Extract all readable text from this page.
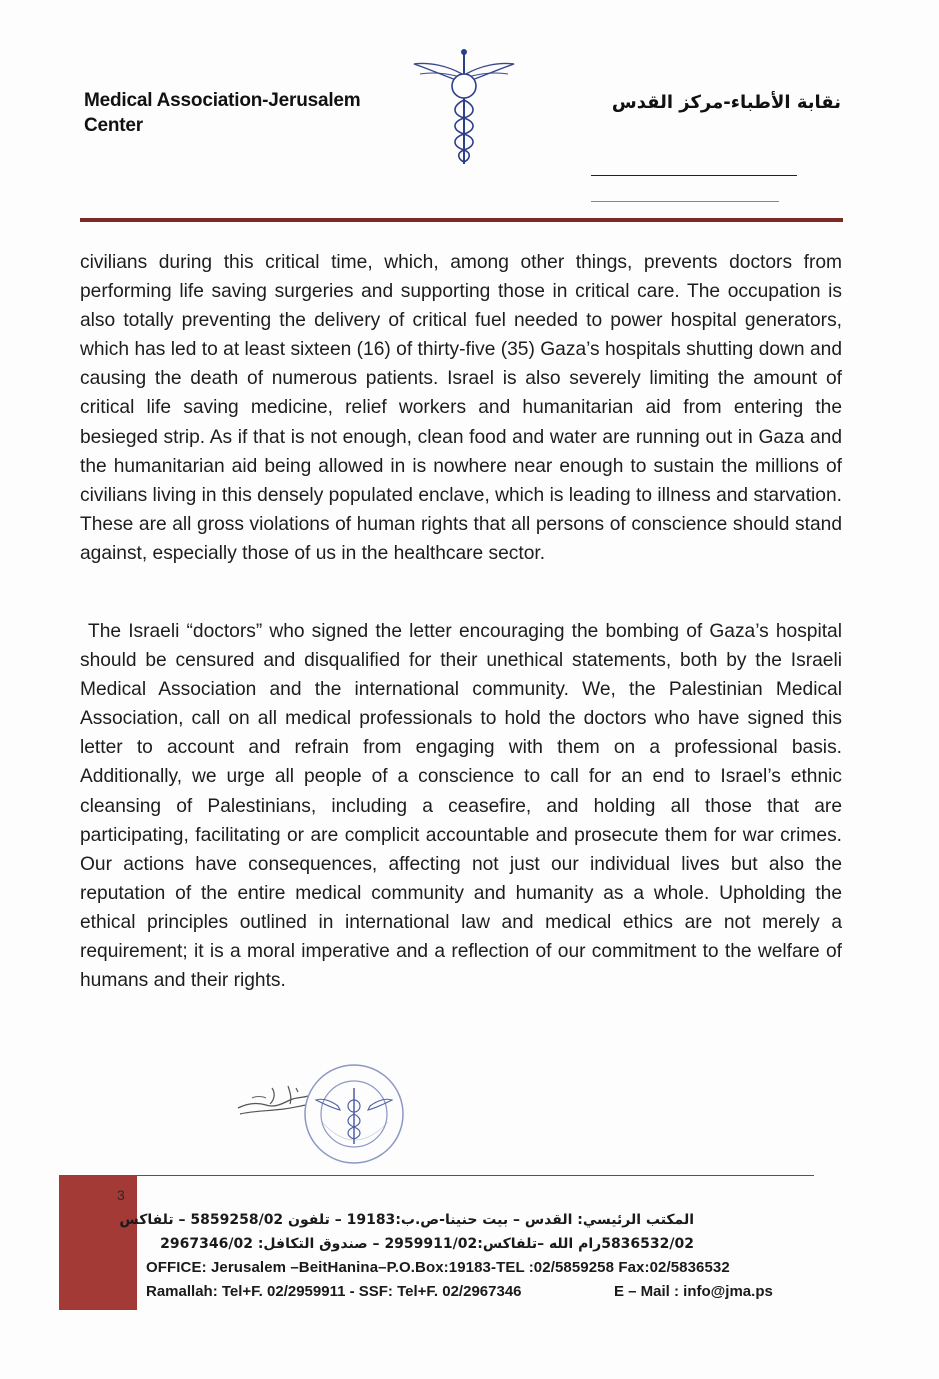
Medical Association-Jerusalem
Center
نقابة الأطباء-مركز القدس

civilians during this critical time, which, among other things, prevents doctors from performing life saving surgeries and supporting those in critical care. The occupation is also totally preventing the delivery of critical fuel needed to power hospital generators, which has led to at least sixteen (16) of thirty-five (35) Gaza’s hospitals shutting down and causing the death of numerous patients. Israel is also severely limiting the amount of critical life saving medicine, relief workers and humanitarian aid from entering the besieged strip. As if that is not enough, clean food and water are running out in Gaza and the humanitarian aid being allowed in is nowhere near enough to sustain the millions of civilians living in this densely populated enclave, which is leading to illness and starvation. These are all gross violations of human rights that all persons of conscience should stand against, especially those of us in the healthcare sector.

The Israeli “doctors” who signed the letter encouraging the bombing of Gaza’s hospital should be censured and disqualified for their unethical statements, both by the Israeli Medical Association and the international community. We, the Palestinian Medical Association, call on all medical professionals to hold the doctors who have signed this letter to account and refrain from engaging with them on a professional basis. Additionally, we urge all people of a conscience to call for an end to Israel’s ethnic cleansing of Palestinians, including a ceasefire, and holding all those that are participating, facilitating or are complicit accountable and prosecute them for war crimes. Our actions have consequences, affecting not just our individual lives but also the reputation of the entire medical community and humanity as a whole. Upholding the ethical principles outlined in international law and medical ethics are not merely a requirement; it is a moral imperative and a reflection of our commitment to the welfare of humans and their rights.

3
المكتب الرئيسي: القدس – بيت حنينا-ص.ب:19183 – تلفون 5859258/02 – تلفاكس
5836532/02رام الله –تلفاكس:2959911/02 – صندوق التكافل: 2967346/02
OFFICE: Jerusalem –BeitHanina–P.O.Box:19183-TEL :02/5859258 Fax:02/5836532
Ramallah: Tel+F. 02/2959911 - SSF: Tel+F. 02/2967346	E – Mail : info@jma.ps
